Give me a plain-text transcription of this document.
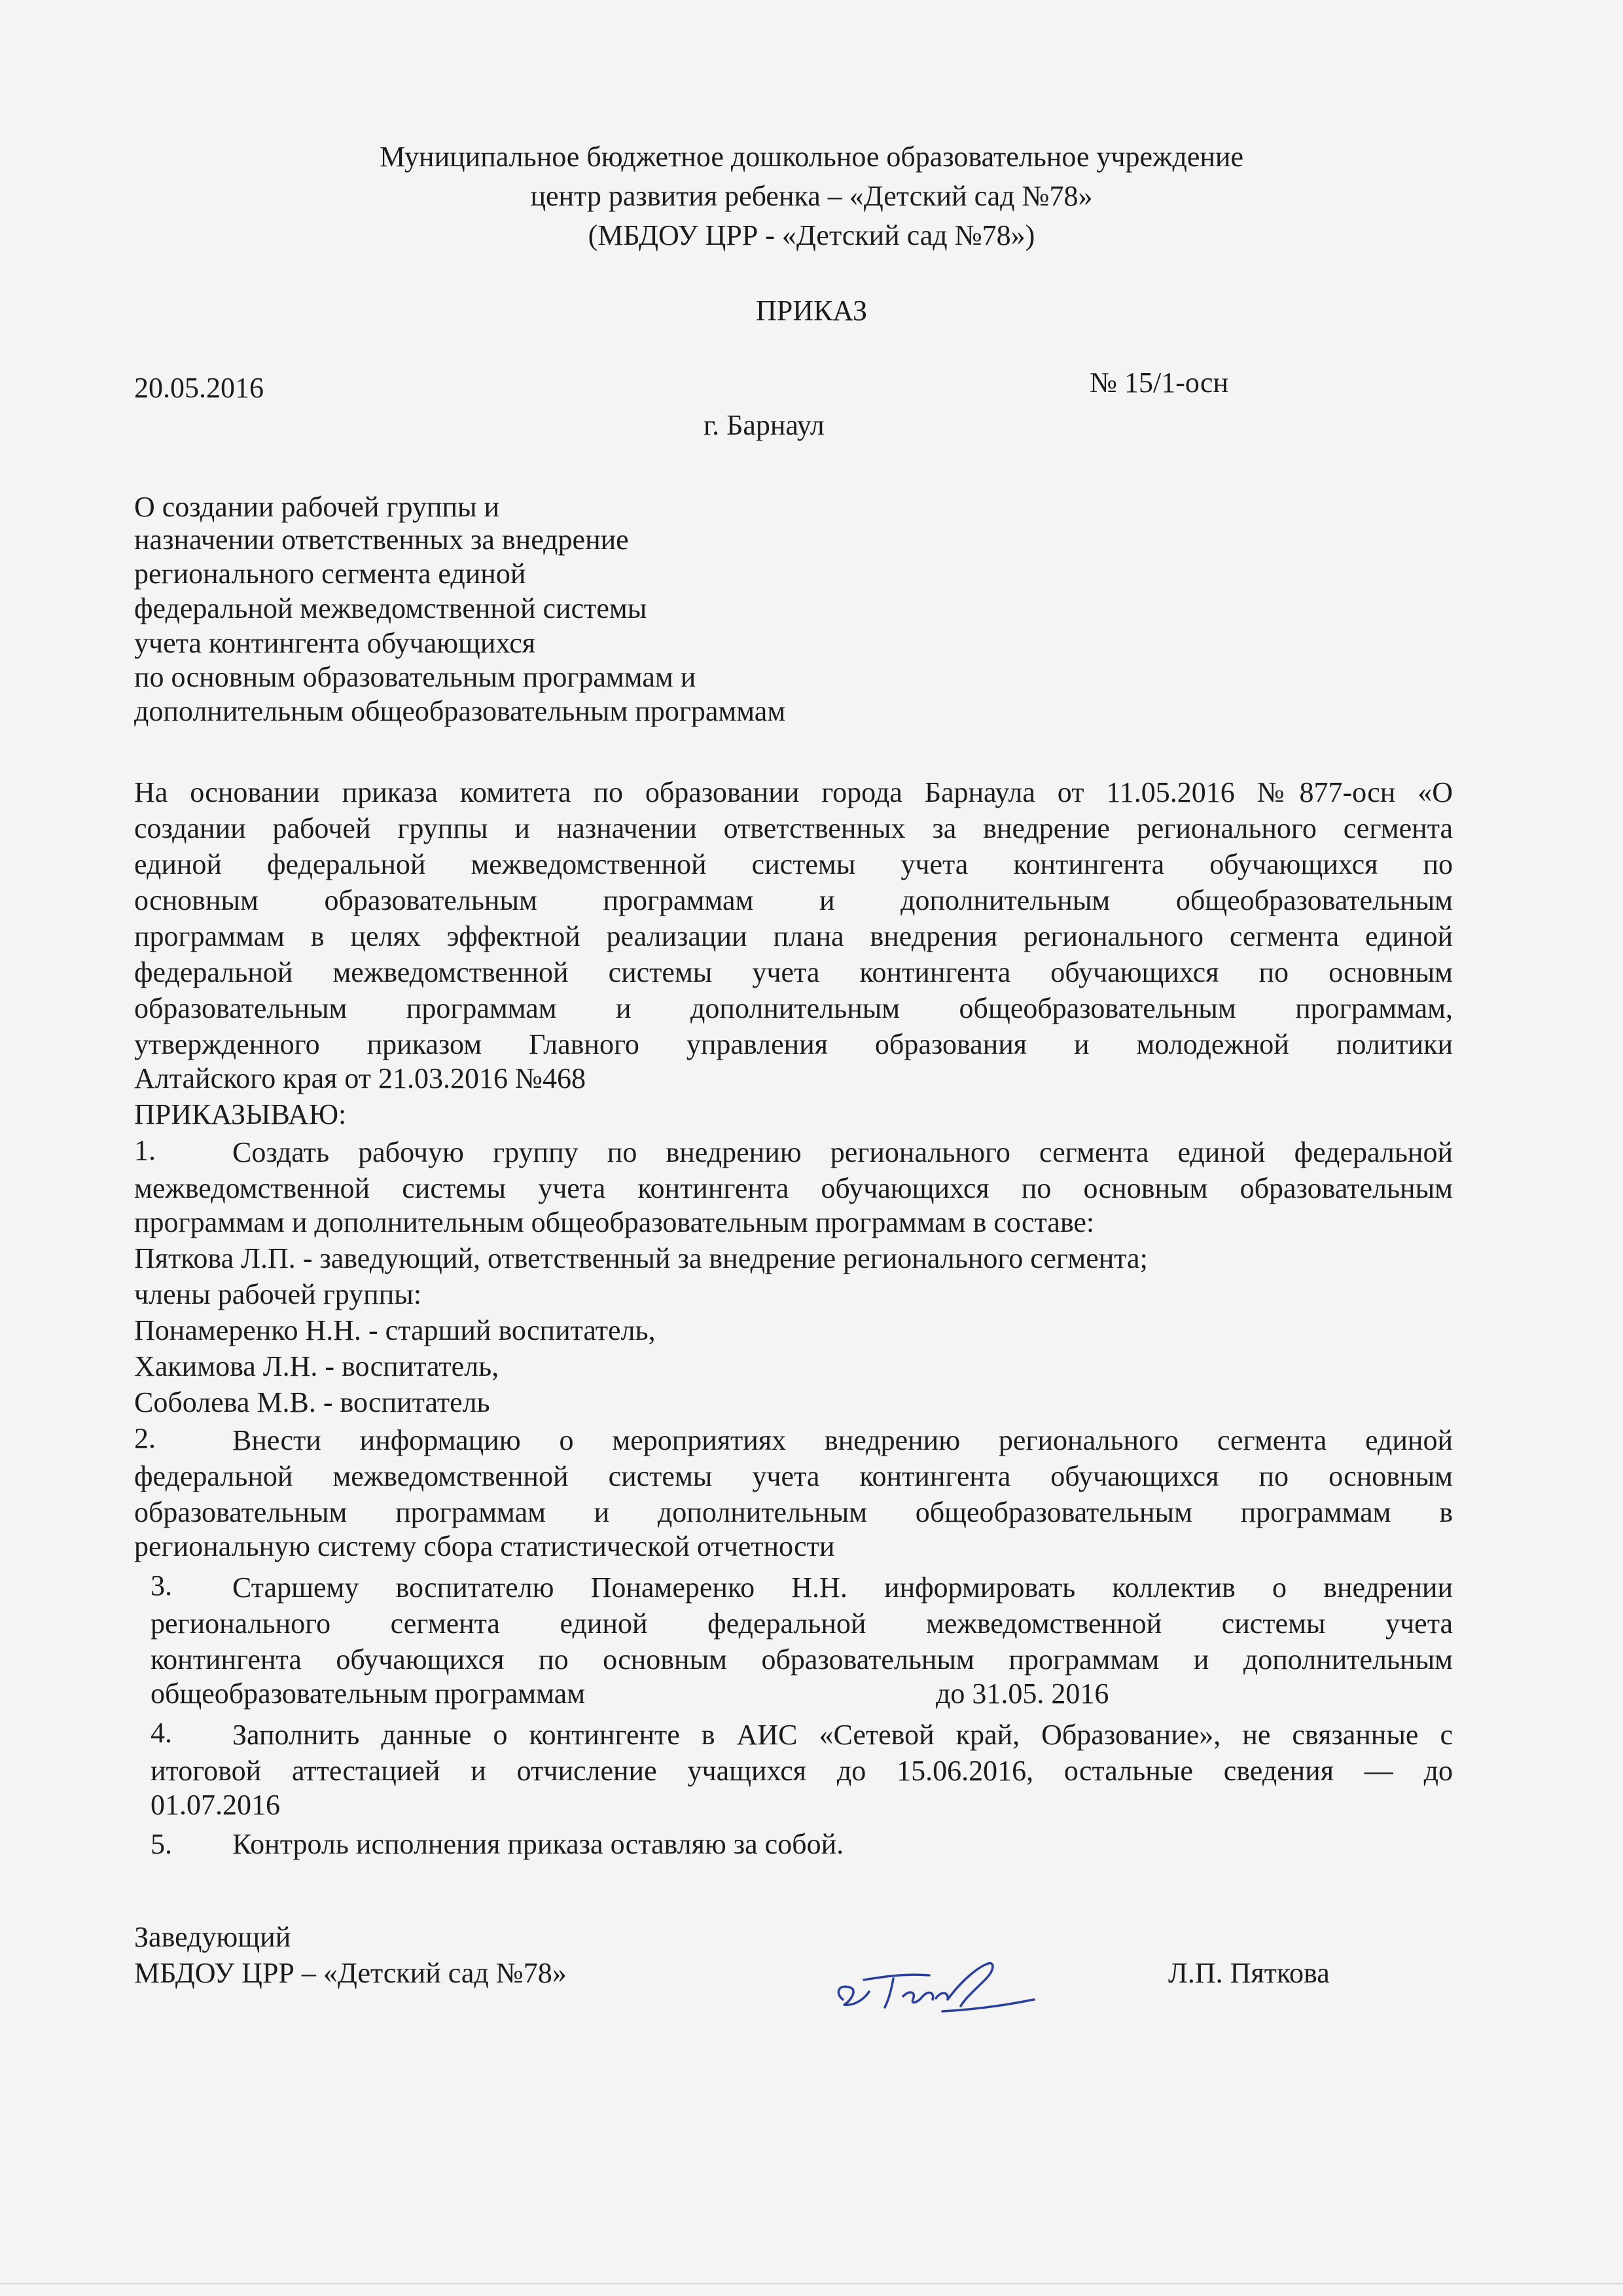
Муниципальное бюджетное дошкольное образовательное учреждение
центр развития ребенка – «Детский сад №78»
(МБДОУ ЦРР - «Детский сад №78»)
ПРИКАЗ
20.05.2016	№ 15/1-осн
г. Барнаул
О создании рабочей группы и
назначении ответственных за внедрение
регионального сегмента единой
федеральной межведомственной системы
учета контингента обучающихся
по основным образовательным программам и
дополнительным общеобразовательным программам
На основании приказа комитета по образовании города Барнаула от 11.05.2016 №877-осн «О
создании рабочей группы и назначении ответственных за внедрение регионального сегмента
единой федеральной межведомственной системы учета контингента обучающихся по
основным образовательным программам и дополнительным общеобразовательным
программам в целях эффектной реализации плана внедрения регионального сегмента единой
федеральной межведомственной системы учета контингента обучающихся по основным
образовательным программам и дополнительным общеобразовательным программам,
утвержденного приказом Главного управления образования и молодежной политики
Алтайского края от 21.03.2016 №468
ПРИКАЗЫВАЮ:
1.	Создать рабочую группу по внедрению регионального сегмента единой федеральной
межведомственной системы учета контингента обучающихся по основным образовательным
программам и дополнительным общеобразовательным программам в составе:
Пяткова Л.П. - заведующий, ответственный за внедрение регионального сегмента;
члены рабочей группы:
Понамеренко Н.Н. - старший воспитатель,
Хакимова Л.Н. - воспитатель,
Соболева М.В. - воспитатель
2.	Внести информацию о мероприятиях внедрению регионального сегмента единой
федеральной межведомственной системы учета контингента обучающихся по основным
образовательным программам и дополнительным общеобразовательным программам в
региональную систему сбора статистической отчетности
3. Старшему воспитателю Понамеренко Н.Н. информировать коллектив о внедрении
регионального сегмента единой федеральной межведомственной системы учета
контингента обучающихся по основным образовательным программам и дополнительным
общеобразовательным программам	до 31.05. 2016
4. Заполнить данные о контингенте в АИС «Сетевой край, Образование», не связанные с
итоговой аттестацией и отчисление учащихся до 15.06.2016, остальные сведения — до
01.07.2016
5. Контроль исполнения приказа оставляю за собой.
Заведующий
МБДОУ ЦРР – «Детский сад №78»	Л.П. Пяткова
